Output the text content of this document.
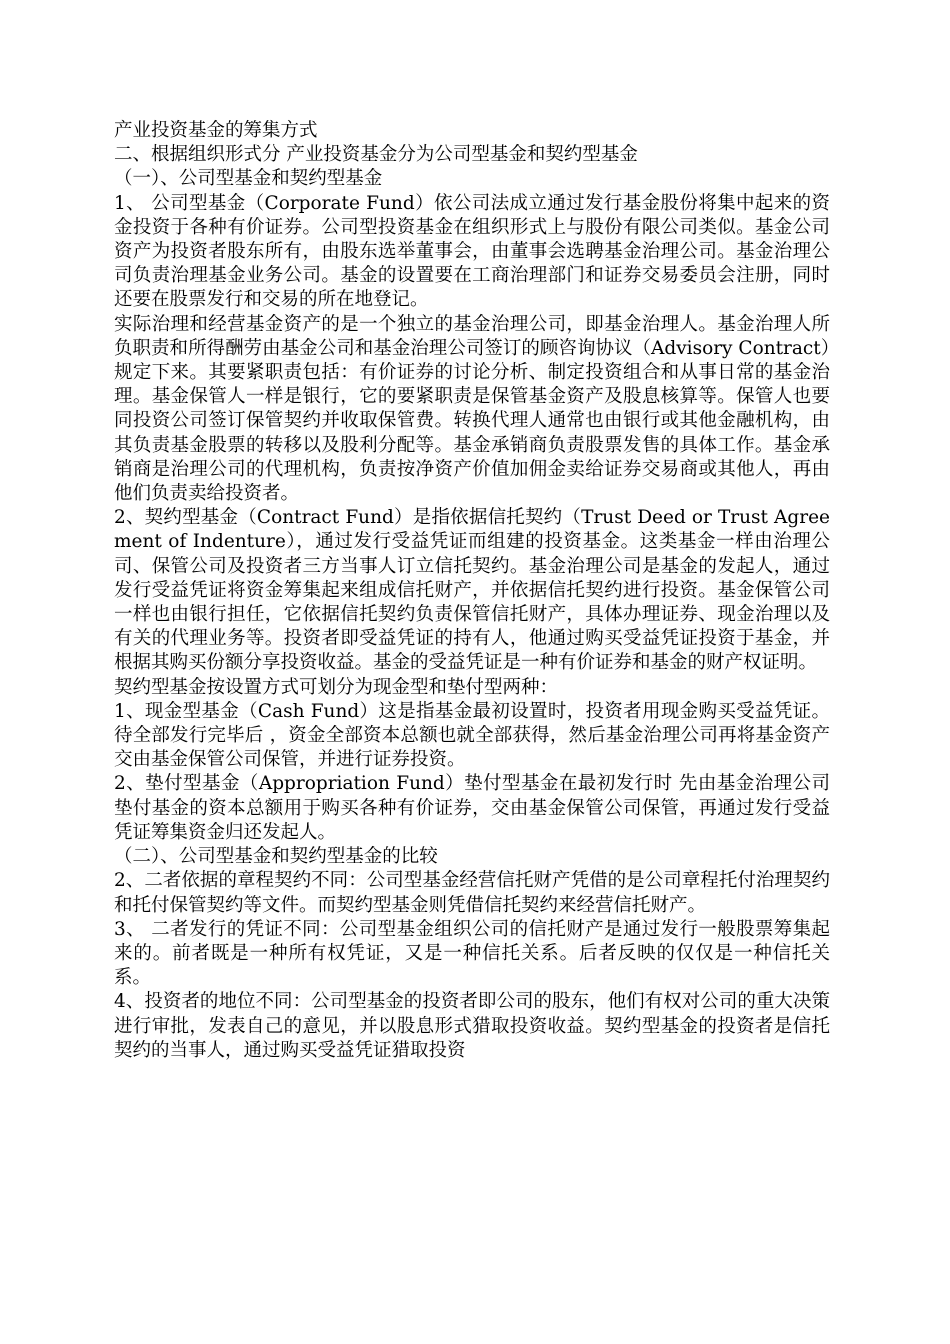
产业投资基金的筹集方式

二、根据组织形式分 产业投资基金分为公司型基金和契约型基金

（一）、公司型基金和契约型基金

1、 公司型基金（Corporate Fund）依公司法成立通过发行基金股份将集中起来的资金投资于各种有价证券。公司型投资基金在组织形式上与股份有限公司类似。基金公司资产为投资者股东所有，由股东选举董事会，由董事会选聘基金治理公司。基金治理公司负责治理基金业务公司。基金的设置要在工商治理部门和证券交易委员会注册，同时还要在股票发行和交易的所在地登记。

实际治理和经营基金资产的是一个独立的基金治理公司，即基金治理人。基金治理人所负职责和所得酬劳由基金公司和基金治理公司签订的顾咨询协议（Advisory Contract）规定下来。其要紧职责包括：有价证券的讨论分析、制定投资组合和从事日常的基金治理。基金保管人一样是银行，它的要紧职责是保管基金资产及股息核算等。保管人也要同投资公司签订保管契约并收取保管费。转换代理人通常也由银行或其他金融机构，由其负责基金股票的转移以及股利分配等。基金承销商负责股票发售的具体工作。基金承销商是治理公司的代理机构，负责按净资产价值加佣金卖给证券交易商或其他人，再由他们负责卖给投资者。

2、契约型基金（Contract Fund）是指依据信托契约（Trust Deed or Trust Agreement of Indenture），通过发行受益凭证而组建的投资基金。这类基金一样由治理公司、保管公司及投资者三方当事人订立信托契约。基金治理公司是基金的发起人，通过发行受益凭证将资金筹集起来组成信托财产，并依据信托契约进行投资。基金保管公司一样也由银行担任，它依据信托契约负责保管信托财产，具体办理证券、现金治理以及有关的代理业务等。投资者即受益凭证的持有人，他通过购买受益凭证投资于基金，并根据其购买份额分享投资收益。基金的受益凭证是一种有价证券和基金的财产权证明。

契约型基金按设置方式可划分为现金型和垫付型两种：

1、现金型基金（Cash Fund）这是指基金最初设置时，投资者用现金购买受益凭证。待全部发行完毕后 ，资金全部资本总额也就全部获得，然后基金治理公司再将基金资产交由基金保管公司保管，并进行证券投资。

2、垫付型基金（Appropriation Fund）垫付型基金在最初发行时 先由基金治理公司垫付基金的资本总额用于购买各种有价证券，交由基金保管公司保管，再通过发行受益凭证筹集资金归还发起人。

（二）、公司型基金和契约型基金的比较

2、二者依据的章程契约不同：公司型基金经营信托财产凭借的是公司章程托付治理契约和托付保管契约等文件。而契约型基金则凭借信托契约来经营信托财产。

3、 二者发行的凭证不同：公司型基金组织公司的信托财产是通过发行一般股票筹集起来的。前者既是一种所有权凭证，又是一种信托关系。后者反映的仅仅是一种信托关系。

4、投资者的地位不同：公司型基金的投资者即公司的股东，他们有权对公司的重大决策进行审批，发表自己的意见，并以股息形式猎取投资收益。契约型基金的投资者是信托契约的当事人，通过购买受益凭证猎取投资
